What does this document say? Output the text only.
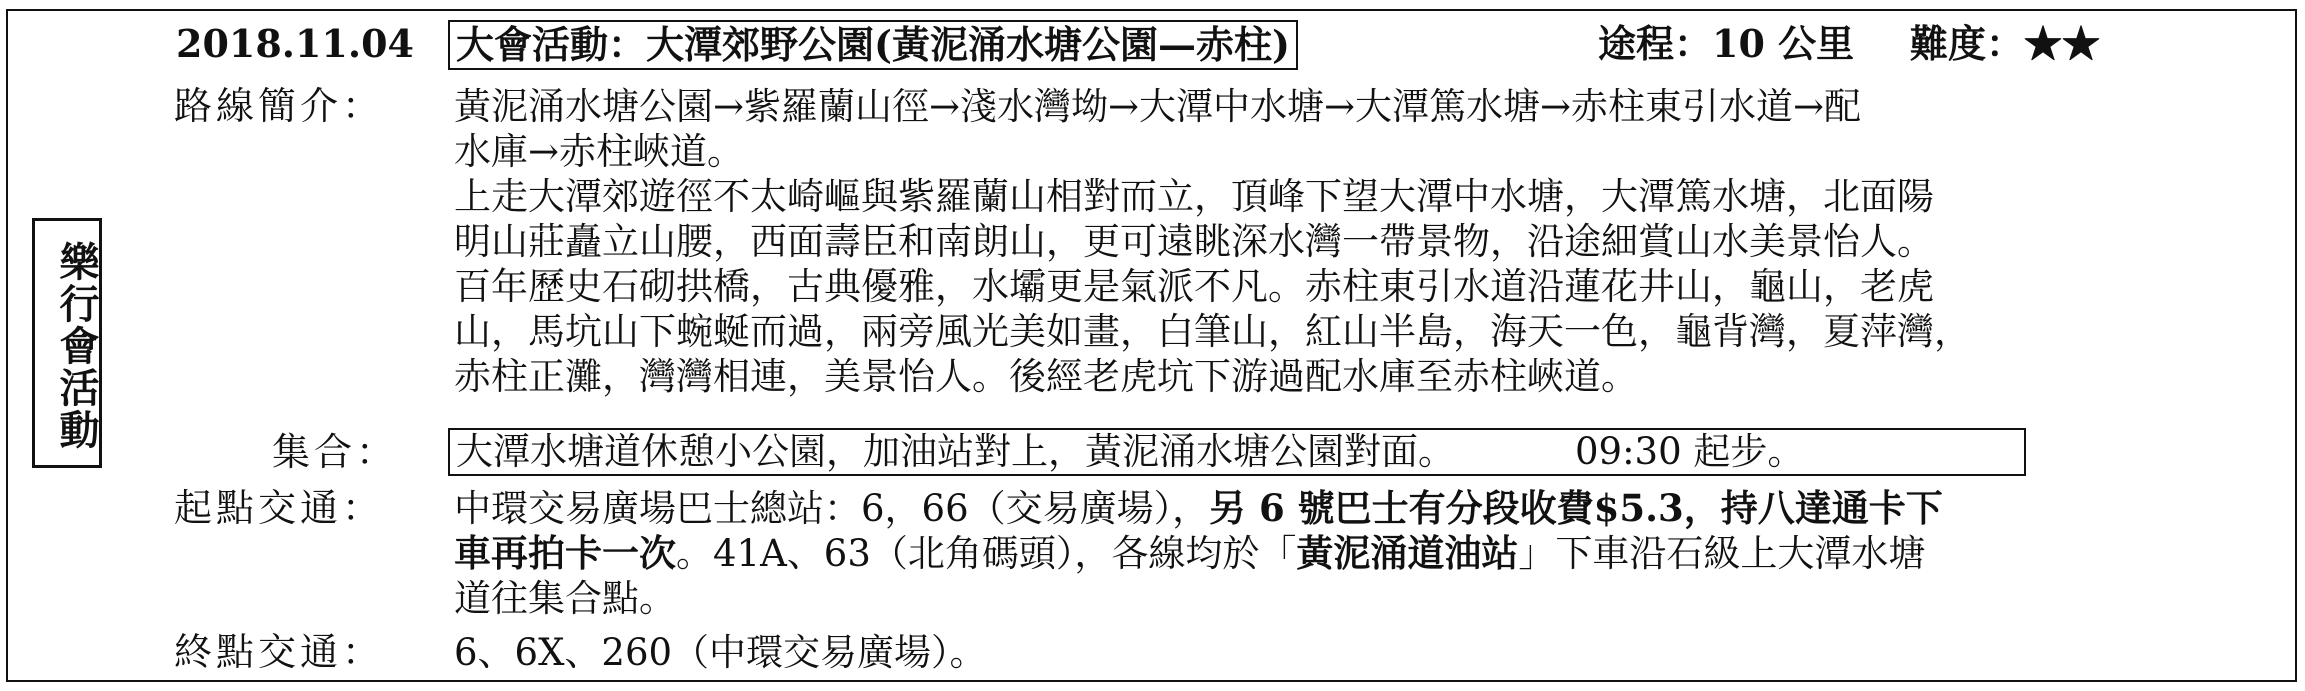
樂行會活動
2018.11.04 大會活動：大潭郊野公園(黃泥涌水塘公園—赤柱)	途程：10 公里 難度：★★
路線簡介： 黃泥涌水塘公園→紫羅蘭山徑→淺水灣坳→大潭中水塘→大潭篤水塘→赤柱東引水道→配
水庫→赤柱峽道。
上走大潭郊遊徑不太崎嶇與紫羅蘭山相對而立，頂峰下望大潭中水塘，大潭篤水塘，北面陽
明山莊矗立山腰，西面壽臣和南朗山，更可遠眺深水灣一帶景物，沿途細賞山水美景怡人。
百年歷史石砌拱橋，古典優雅，水壩更是氣派不凡。赤柱東引水道沿蓮花井山，龜山，老虎
山，馬坑山下蜿蜒而過，兩旁風光美如畫，白筆山，紅山半島，海天一色，龜背灣，夏萍灣，
赤柱正灘，灣灣相連，美景怡人。後經老虎坑下游過配水庫至赤柱峽道。
集合： 大潭水塘道休憩小公園，加油站對上，黃泥涌水塘公園對面。	09:30 起步。
起點交通： 中環交易廣場巴士總站：6，66（交易廣場），另 6 號巴士有分段收費$5.3，持八達通卡下
車再拍卡一次。41A、63（北角碼頭），各線均於「黃泥涌道油站」下車沿石級上大潭水塘
道往集合點。
終點交通： 6、6X、260（中環交易廣場）。
